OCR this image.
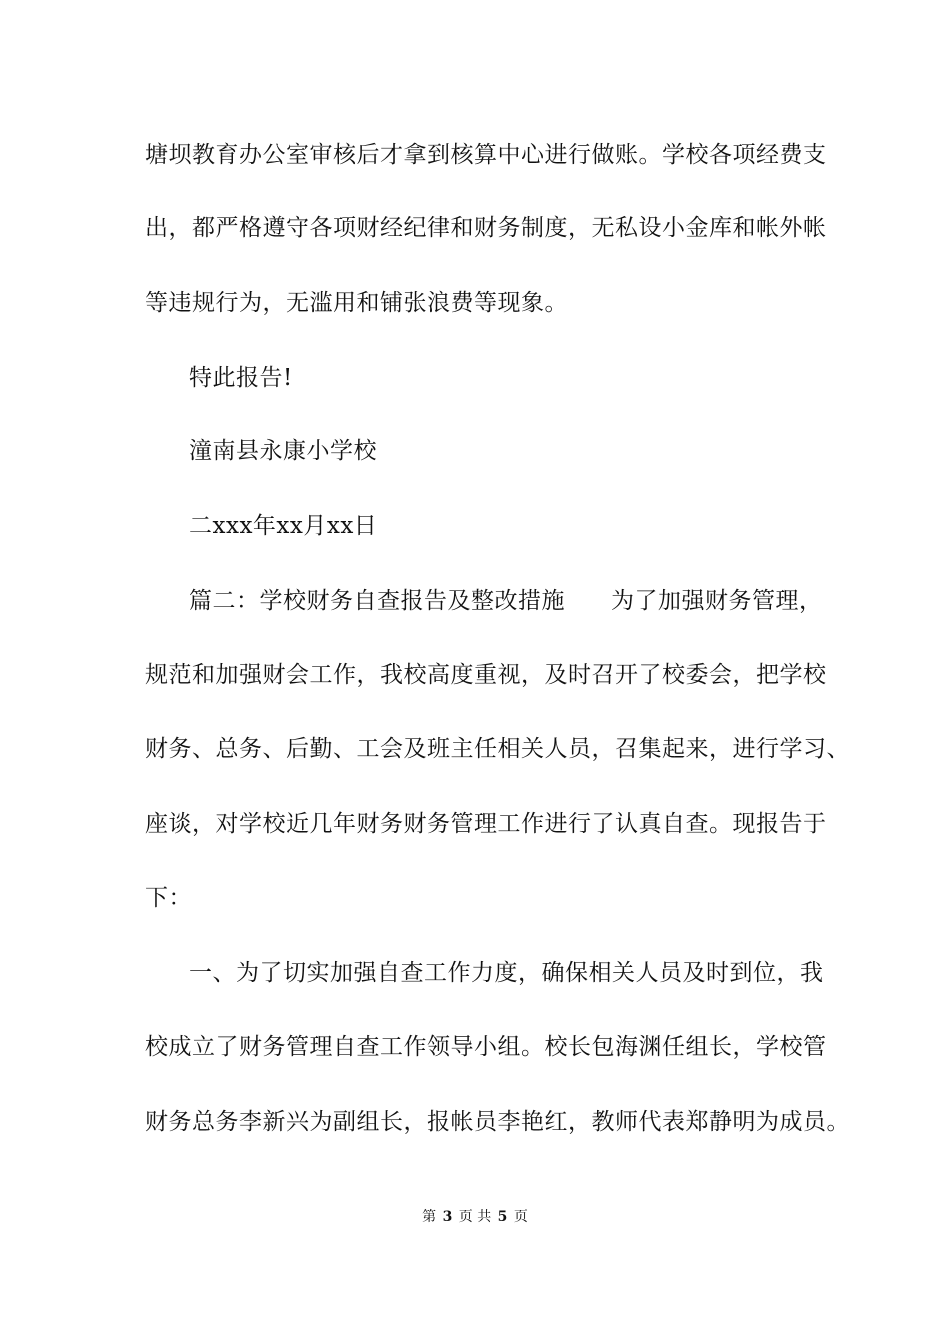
塘坝教育办公室审核后才拿到核算中心进行做账。学校各项经费支
出，都严格遵守各项财经纪律和财务制度，无私设小金库和帐外帐
等违规行为，无滥用和铺张浪费等现象。
特此报告!
潼南县永康小学校
二xxx年xx月xx日
篇二：学校财务自查报告及整改措施 为了加强财务管理，
规范和加强财会工作，我校高度重视，及时召开了校委会，把学校
财务、总务、后勤、工会及班主任相关人员，召集起来，进行学习、
座谈，对学校近几年财务财务管理工作进行了认真自查。现报告于
下：
一、为了切实加强自查工作力度，确保相关人员及时到位，我
校成立了财务管理自查工作领导小组。校长包海渊任组长，学校管
财务总务李新兴为副组长，报帐员李艳红，教师代表郑静明为成员。
第 3 页 共 5 页
